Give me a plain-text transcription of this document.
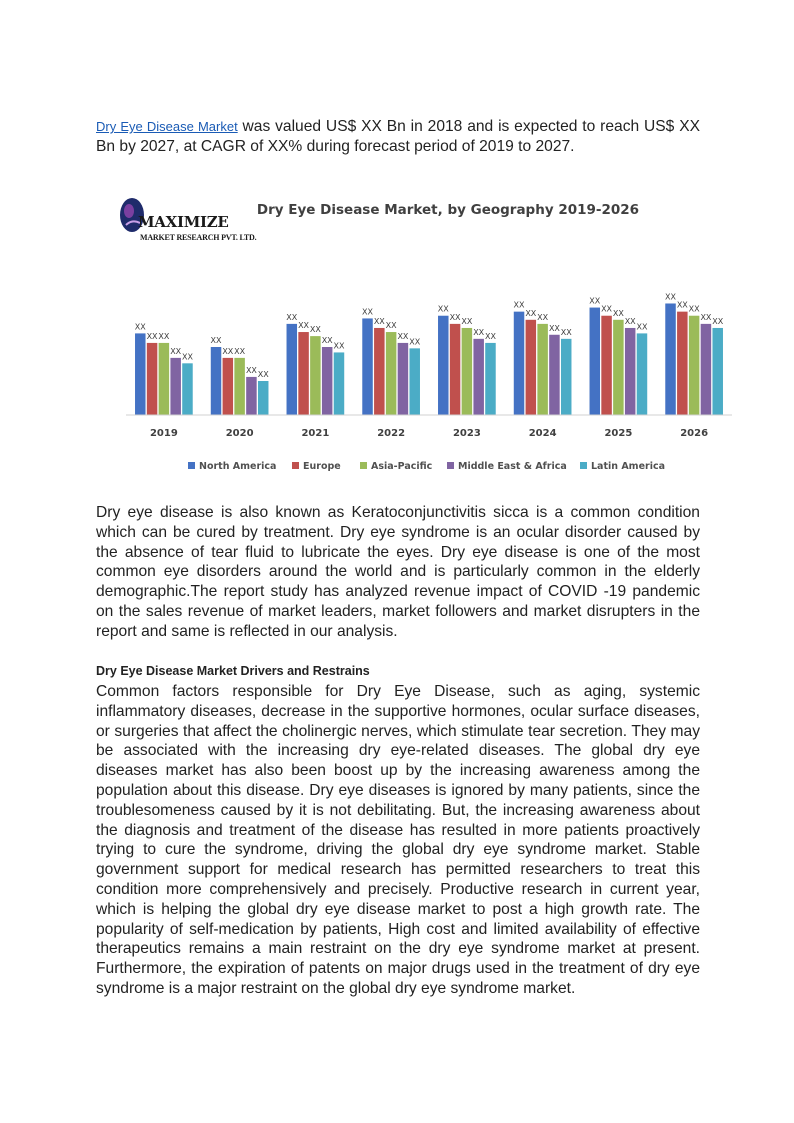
Dry Eye Disease Market was valued US$ XX Bn in 2018 and is expected to reach US$ XX Bn by 2027, at CAGR of XX% during forecast period of 2019 to 2027.

MAXIMIZE
MARKET RESEARCH PVT. LTD.
Dry Eye Disease Market, by Geography 2019-2026
XX
XX XX
XX
XX
XX
XX XX
XX XX
XX
XX XX
XX
XX
XX
XX XX
XX
XX
XX
XX XX
XX XX
XX
XX XX
XX XX
XX
XX XX
XX
XX
XX
XX XX
XX XX
2019	2020	2021	2022	2023	2024	2025	2026
North America	Europe	Asia-Pacific	Middle East & Africa	Latin America

Dry eye disease is also known as Keratoconjunctivitis sicca is a common condition which can be cured by treatment. Dry eye syndrome is an ocular disorder caused by the absence of tear fluid to lubricate the eyes. Dry eye disease is one of the most common eye disorders around the world and is particularly common in the elderly demographic.The report study has analyzed revenue impact of COVID -19 pandemic on the sales revenue of market leaders, market followers and market disrupters in the report and same is reflected in our analysis.

Dry Eye Disease Market Drivers and Restrains

Common factors responsible for Dry Eye Disease, such as aging, systemic inflammatory diseases, decrease in the supportive hormones, ocular surface diseases, or surgeries that affect the cholinergic nerves, which stimulate tear secretion. They may be associated with the increasing dry eye-related diseases. The global dry eye diseases market has also been boost up by the increasing awareness among the population about this disease. Dry eye diseases is ignored by many patients, since the troublesomeness caused by it is not debilitating. But, the increasing awareness about the diagnosis and treatment of the disease has resulted in more patients proactively trying to cure the syndrome, driving the global dry eye syndrome market. Stable government support for medical research has permitted researchers to treat this condition more comprehensively and precisely. Productive research in current year, which is helping the global dry eye disease market to post a high growth rate. The popularity of self-medication by patients, High cost and limited availability of effective therapeutics remains a main restraint on the dry eye syndrome market at present. Furthermore, the expiration of patents on major drugs used in the treatment of dry eye syndrome is a major restraint on the global dry eye syndrome market.
